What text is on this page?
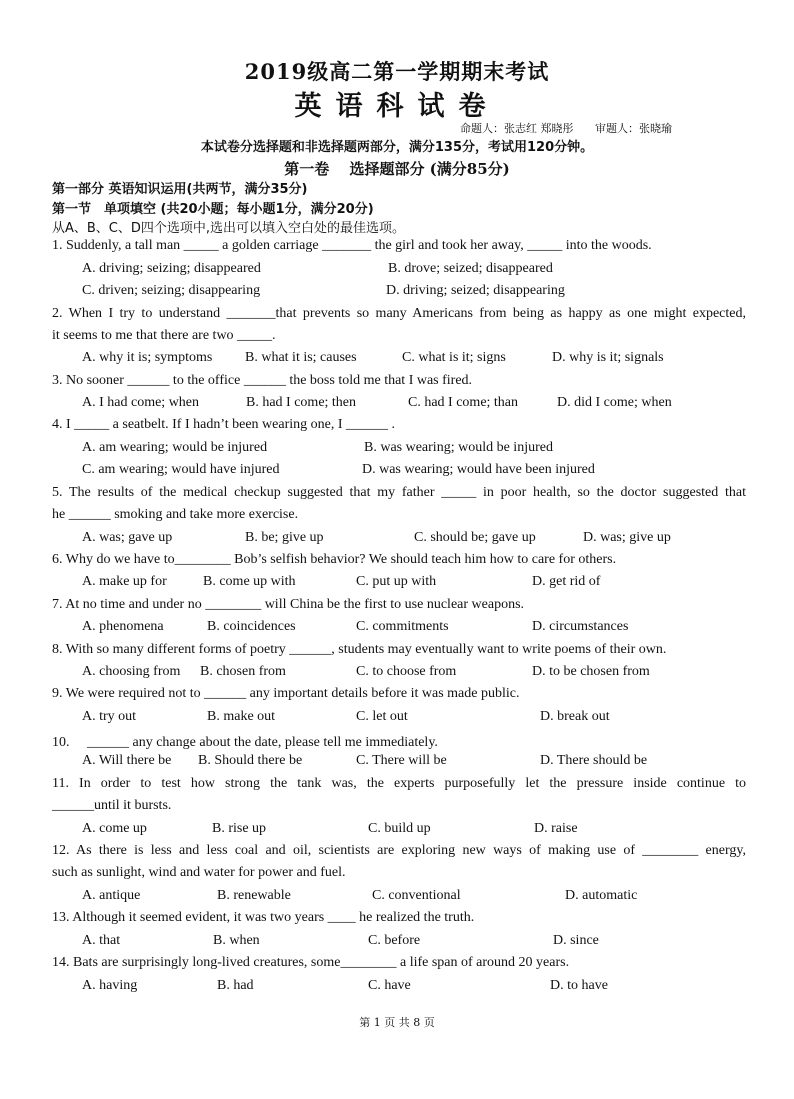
2019级高二第一学期期末考试
英语科试卷
命题人：张志红 郑晓彤 审题人：张晓瑜
本试卷分选择题和非选择题两部分，满分135分，考试用120分钟。
第一卷　 选择题部分 (满分85分)
第一部分 英语知识运用(共两节，满分35分)
第一节　单项填空 (共20小题；每小题1分，满分20分)
从A、B、C、D四个选项中,选出可以填入空白处的最佳选项。
1. Suddenly, a tall man _____ a golden carriage _______ the girl and took her away, _____ into the woods.
A. driving; seizing; disappeared	B. drove; seized; disappeared
C. driven; seizing; disappearing	D. driving; seized; disappearing
2. When I try to understand _______that prevents so many Americans from being as happy as one might expected,
it seems to me that there are two _____.
A. why it is; symptoms B. what it is; causes	C. what is it; signs	D. why is it; signals
3. No sooner ______ to the office ______ the boss told me that I was fired.
A. I had come; when	B. had I come; then	C. had I come; than	D. did I come; when
4. I _____ a seatbelt. If I hadn’t been wearing one, I ______ .
A. am wearing; would be injured	B. was wearing; would be injured
C. am wearing; would have injured	D. was wearing; would have been injured
5. The results of the medical checkup suggested that my father _____ in poor health, so the doctor suggested that
he ______ smoking and take more exercise.
A. was; gave up	B. be; give up	C. should be; gave up	D. was; give up
6. Why do we have to________ Bob’s selfish behavior? We should teach him how to care for others.
A. make up for	B. come up with	C. put up with	D. get rid of
7. At no time and under no ________ will China be the first to use nuclear weapons.
A. phenomena	B. coincidences	C. commitments	D. circumstances
8. With so many different forms of poetry ______, students may eventually want to write poems of their own.
A. choosing from B. chosen from	C. to choose from	D. to be chosen from
9. We were required not to ______ any important details before it was made public.
A. try out	B. make out	C. let out	D. break out
10.　 ______ any change about the date, please tell me immediately.
A. Will there be B. Should there be	C. There will be	D. There should be
11. In order to test how strong the tank was, the experts purposefully let the pressure inside continue to
______until it bursts.
A. come up	B. rise up	C. build up	D. raise
12. As there is less and less coal and oil, scientists are exploring new ways of making use of ________ energy,
such as sunlight, wind and water for power and fuel.
A. antique	B. renewable	C. conventional	D. automatic
13. Although it seemed evident, it was two years ____ he realized the truth.
A. that	B. when	C. before	D. since
14. Bats are surprisingly long-lived creatures, some________ a life span of around 20 years.
A. having	B. had	C. have	D. to have
第 1 页 共 8 页
